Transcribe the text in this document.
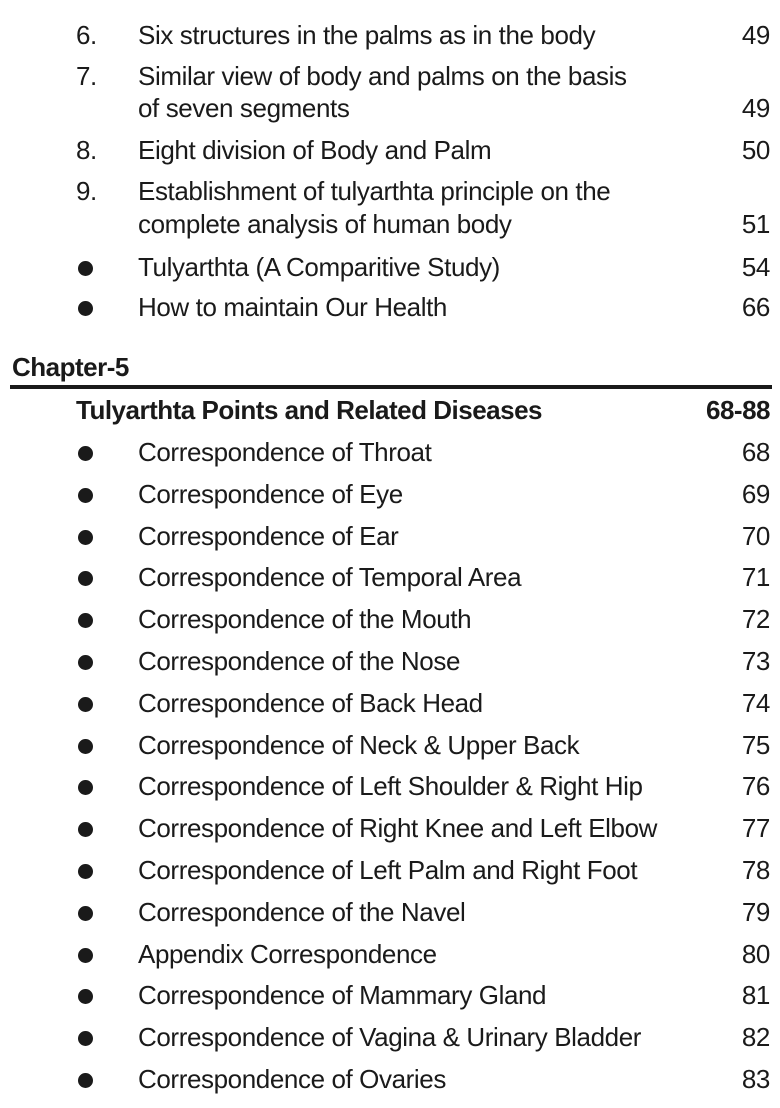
6. Six structures in the palms as in the body	49
7. Similar view of body and palms on the basis
of seven segments	49
8. Eight division of Body and Palm	50
9. Establishment of tulyarthta principle on the
complete analysis of human body	51
Tulyarthta (A Comparitive Study)	54
How to maintain Our Health	66
Chapter-5
Tulyarthta Points and Related Diseases	68-88
Correspondence of Throat	68
Correspondence of Eye	69
Correspondence of Ear	70
Correspondence of Temporal Area	71
Correspondence of the Mouth	72
Correspondence of the Nose	73
Correspondence of Back Head	74
Correspondence of Neck & Upper Back	75
Correspondence of Left Shoulder & Right Hip	76
Correspondence of Right Knee and Left Elbow	77
Correspondence of Left Palm and Right Foot	78
Correspondence of the Navel	79
Appendix Correspondence	80
Correspondence of Mammary Gland	81
Correspondence of Vagina & Urinary Bladder	82
Correspondence of Ovaries	83
